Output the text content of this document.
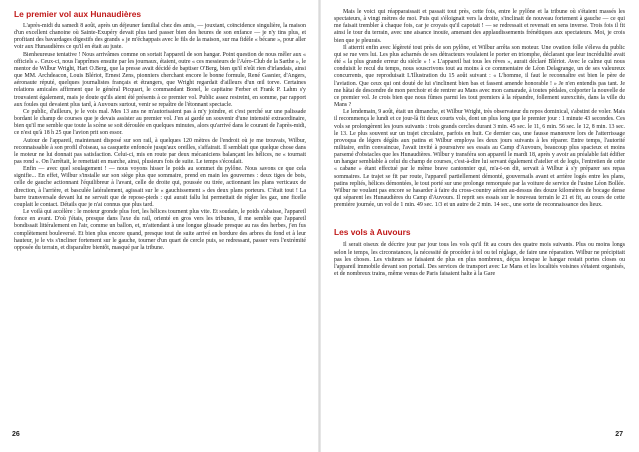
Le premier vol aux Hunaudières

L'après-midi du samedi 8 août, après un déjeuner familial chez des amis, — jouxtant, coïncidence singulière, la maison d'un excellent chanoine où Sainte-Exupéry devait plus tard passer bien des heures de son enfance — je n'y tins plus, et profitant des bavardages digestifs des grands « je m'échappais avec le fils de la maison, sur ma fidèle « bécane », pour aller voir aux Hunaudières ce qu'il en était au juste.

Bienheureuse tentative ! Nous arrivâmes comme on sortait l'appareil de son hangar. Point question de nous mêler aux « officiels ». Ceux-ci, nous l'apprîmes ensuite par les journaux, étaient, outre « ces messieurs de l'Aéro-Club de la Sarthe », le mentor de Wilbur Wright, Hart O.Berg, que la presse avait décidé de baptiser O'Berg, bien qu'il n'eût rien d'irlandais, ainsi que MM. Archdeacon, Louis Blériot, Ernest Zens, pionniers cherchant encore le bonne formule, René Gasnier, d'Angers, aéronaute réputé, quelques journalistes français et étrangers, que Wright regardait d'ailleurs d'un œil torve. Certaines relations amicales affirment que le général Picquart, le commandant Bonel, le capitaine Ferber et Frank P. Lahm s'y trouvaient également, mais je doute qu'ils aient été présents à ce premier vol. Public assez restreint, en somme, par rapport aux foules qui devaient plus tard, à Auvours surtout, venir se repaître de l'étonnant spectacle.

Ce public, d'ailleurs, je le vois mal. Mes 13 ans ne m'autorisaient pas à m'y joindre, et c'est perché sur une palissade bordant le champ de courses que je devais assister au premier vol. J'en ai gardé un souvenir d'une intensité extraordinaire, bien qu'il me semble que toute la scène se soit déroulée en quelques minutes, alors qu'arrivé dans le courant de l'après-midi, ce n'est qu'à 18 h 25 que l'avion prit son essor.

Autour de l'appareil, maintenant disposé sur son rail, à quelques 120 mètres de l'endroit où je me trouvais, Wilbur, reconnaissable à son profil d'oiseau, sa casquette enfoncée jusqu'aux oreilles, s'affairait. Il semblait que quelque chose dans le moteur ne lui donnait pas satisfaction. Celui-ci, mis en route par deux mécaniciens balançant les hélices, ne « tournait pas rond ». On l'arrêtait, le remettait en marche, ainsi, plusieurs fois de suite. Le temps s'écoulait.

Enfin — avec quel soulagement ! — nous voyons hisser le poids au sommet du pylône. Nous savons ce que cela signifie... En effet, Wilbur s'installe sur son siège plus que sommaire, prend en main les gouvernes : deux tiges de bois, celle de gauche actionnant l'équilibreur à l'avant, celle de droite qui, poussée ou tirée, actionnant les plans verticaux de direction, à l'arrière, et basculée latéralement, agissait sur le « gauchissement » des deux plans porteurs. C'était tout ! La barre transversale devant lui ne servait que de repose-pieds : qui aurait fallu lui permettait de régler les gaz, une ficelle couplait le contact. Détails que je n'ai connus que plus tard.

Le voilà qui accélère : le moteur gronde plus fort, les hélices tournent plus vite. Et soudain, le poids s'abaisse, l'appareil fonce en avant. D'où j'étais, presque dans l'axe du rail, orienté en gros vers les tribunes, il me semble que l'appareil bondissait littéralement en l'air, comme un ballon, et, m'attendant à une longue glissade presque au ras des herbes, j'en fus complètement bouleversé. Et bien plus encore quand, presque tout de suite arrivé en bordure des arbres du fond et à leur hauteur, je le vis s'incliner fortement sur le gauche, tourner d'un quart de cercle puis, se redressant, passer vers l'extrémité opposée du terrain, et disparaître bientôt, masqué par la tribune.

26

Mais le voici qui réapparaissait et passait tout près, cette fois, entre le pylône et la tribune où s'étaient massés les spectateurs, à vingt mètres de moi. Puis qui s'éloignait vers la droite, s'inclinait de nouveau fortement à gauche — ce qui me faisait trembler à chaque fois, car je croyais qu'il capotait ! — se redressait et revenait en sens inverse. Trois fois il fit ainsi le tour du terrain, avec une aisance inouïe, amenant des applaudissements frénétiques aux spectateurs. Moi, je crois bien que je pleurais.

Il atterrit enfin avec légèreté tout près de son pylône, et Wilbur arrêta son moteur. Une ovation folle s'éleva du public qui se rue vers lui. Les plus acharnés de ses détracteurs voulaient le porter en triomphe, déclarant que leur incrédulité avait été « la plus grande erreur du siècle » ! « L'appareil bat tous les rêves », aurait déclaré Blériot. Avec le calme qui nous conduisit le recul du temps, nous souscrivons tout au moins à ce commentaire de Léon Delagrange, un de ses valeureux concurrents, que reproduisait L'Illustration du 15 août suivant : « L'homme, il faut le reconnaître est bien le père de l'aviation. Que ceux qui ont douté de lui s'inclinent bien bas et fassent amende honorable ! » Je n'en entendis pas tant. Je me hâtai de descendre de mon perchoir et de rentrer au Mans avec mon camarade, à toutes pédales, colporter la nouvelle de ce premier vol. Je crois bien que nous fûmes parmi les tout premiers à la répandre, follement surexcités, dans la ville du Mans ?

Le lendemain, 9 août, était un dimanche, et Wilbur Wright, très observateur du repos dominical, s'abstint de voler. Mais il recommença le lundi et ce jour-là fit deux courts vols, dont un plus long que le premier jour : 1 minute 43 secondes. Ces vols se prolongèrent les jours suivants : trois grands cercles durant 3 min. 45 sec. le 11, 6 min. 56 sec. le 12, 8 min. 13 sec. le 13. Le plus souvent sur un trajet circulaire, parfois en huit. Ce dernier cas, une fausse manœuvre lors de l'atterrissage provoqua de légers dégâts aux patins et Wilbur employa les deux jours suivants à les réparer. Entre temps, l'autorité militaire, enfin convaincue, l'avait invité à poursuivre ses essais au Camp d'Auvours, beaucoup plus spacieux et moins parsemé d'obstacles que les Hunaudières. Wilbur y transféra son appareil le mardi 18, après y avoir au préalable fait édifier un hangar semblable à celui du champ de courses, c'est-à-dire lui servant également d'atelier et de logis, l'entretien de cette « cabane » étant effectué par le même brave cantonnier qui, m'a-t-on dit, servait à Wilbur à s'y préparer ses repas sommaires. Le trajet se fit par route, l'appareil partiellement démonté, gouvernails avant et arrière logés entre les plans, patins repliés, hélices démontées, le tout porté sur une prolonge remorquée par la voiture de service de l'usine Léon Bollée. Wilbur ne voulant pas encore se hasarder à faire du cross-country aérien au-dessus des douze kilomètres de bocage dense qui séparent les Hunaudières du Camp d'Auvours. Il reprit ses essais sur le nouveau terrain le 21 et fit, au cours de cette première journée, un vol de 1 min. 49 sec. 1/3 et un autre de 2 min. 14 sec., une sorte de reconnaissance des lieux.

Les vols à Auvours

Il serait oiseux de décrire jour par jour tous les vols qu'il fit au cours des quatre mois suivants. Plus ou moins longs selon le temps, les circonstances, la nécessité de procéder à tel ou tel réglage, de faire une réparation. Wilbur ne précipitait pas les choses. Les visiteurs se faisaient de plus en plus nombreux, déçus lorsque le hangar restait portes closes ou l'appareil immobile devant son portail. Des services de transport avec Le Mans et les localités voisines s'étaient organisés, et de nombreux trains, même venus de Paris faisaient halte à la Gare

27
